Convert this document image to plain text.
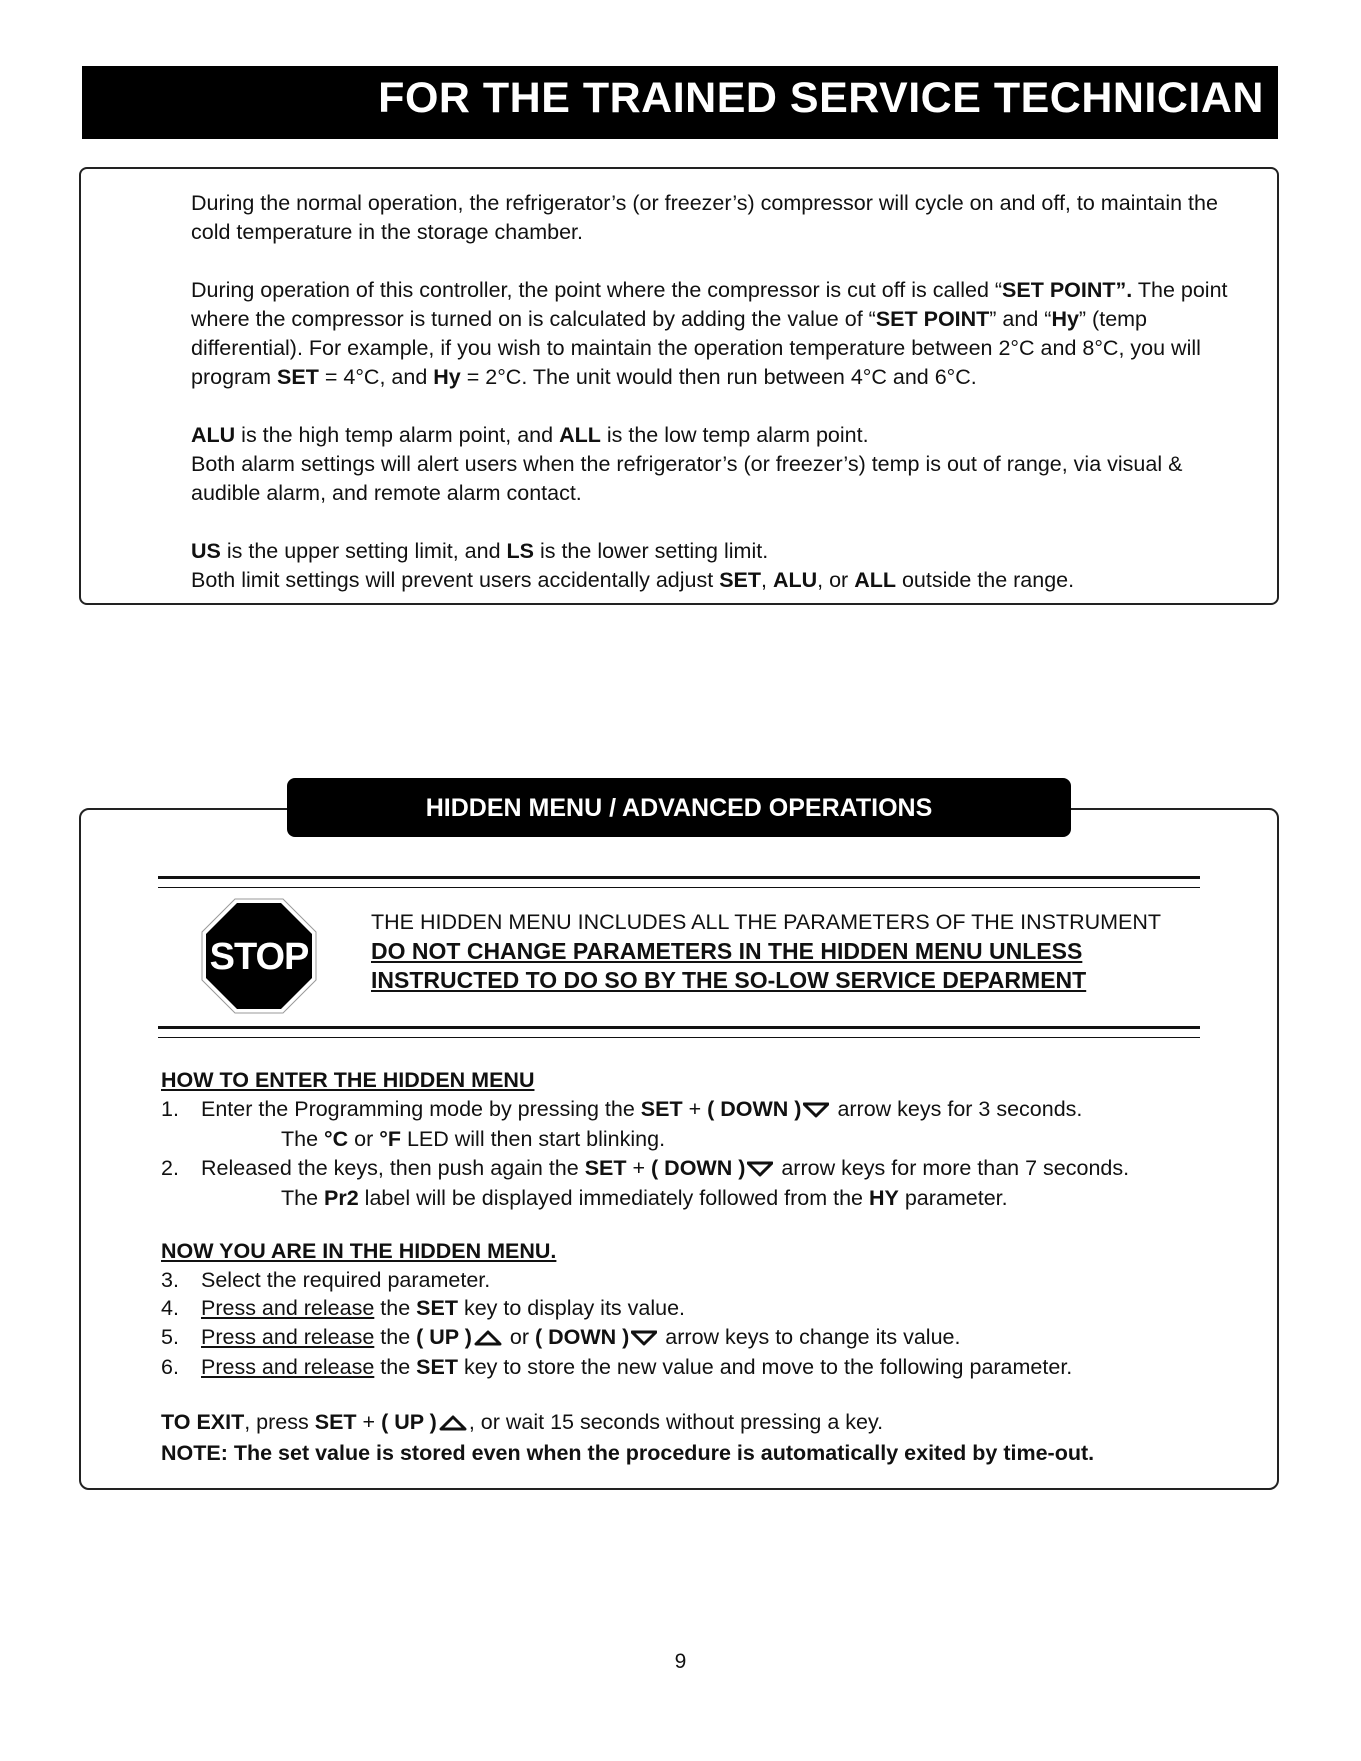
FOR THE TRAINED SERVICE TECHNICIAN

During the normal operation, the refrigerator’s (or freezer’s) compressor will cycle on and off, to maintain the cold temperature in the storage chamber.

During operation of this controller, the point where the compressor is cut off is called “SET POINT”. The point where the compressor is turned on is calculated by adding the value of “SET POINT” and “Hy” (temp differential). For example, if you wish to maintain the operation temperature between 2°C and 8°C, you will program SET = 4°C, and Hy = 2°C. The unit would then run between 4°C and 6°C.

ALU is the high temp alarm point, and ALL is the low temp alarm point.
Both alarm settings will alert users when the refrigerator’s (or freezer’s) temp is out of range, via visual & audible alarm, and remote alarm contact.

US is the upper setting limit, and LS is the lower setting limit.
Both limit settings will prevent users accidentally adjust SET, ALU, or ALL outside the range.

HIDDEN MENU / ADVANCED OPERATIONS
STOP
THE HIDDEN MENU INCLUDES ALL THE PARAMETERS OF THE INSTRUMENT
DO NOT CHANGE PARAMETERS IN THE HIDDEN MENU UNLESS
INSTRUCTED TO DO SO BY THE SO-LOW SERVICE DEPARMENT
HOW TO ENTER THE HIDDEN MENU
1. Enter the Programming mode by pressing the SET + ( DOWN ) arrow keys for 3 seconds.
The °C or °F LED will then start blinking.
2. Released the keys, then push again the SET + ( DOWN ) arrow keys for more than 7 seconds.
The Pr2 label will be displayed immediately followed from the HY parameter.
NOW YOU ARE IN THE HIDDEN MENU.
3. Select the required parameter.
4. Press and release the SET key to display its value.
5. Press and release the ( UP ) or ( DOWN ) arrow keys to change its value.
6. Press and release the SET key to store the new value and move to the following parameter.
TO EXIT, press SET + ( UP ) , or wait 15 seconds without pressing a key.
NOTE: The set value is stored even when the procedure is automatically exited by time-out.
9
